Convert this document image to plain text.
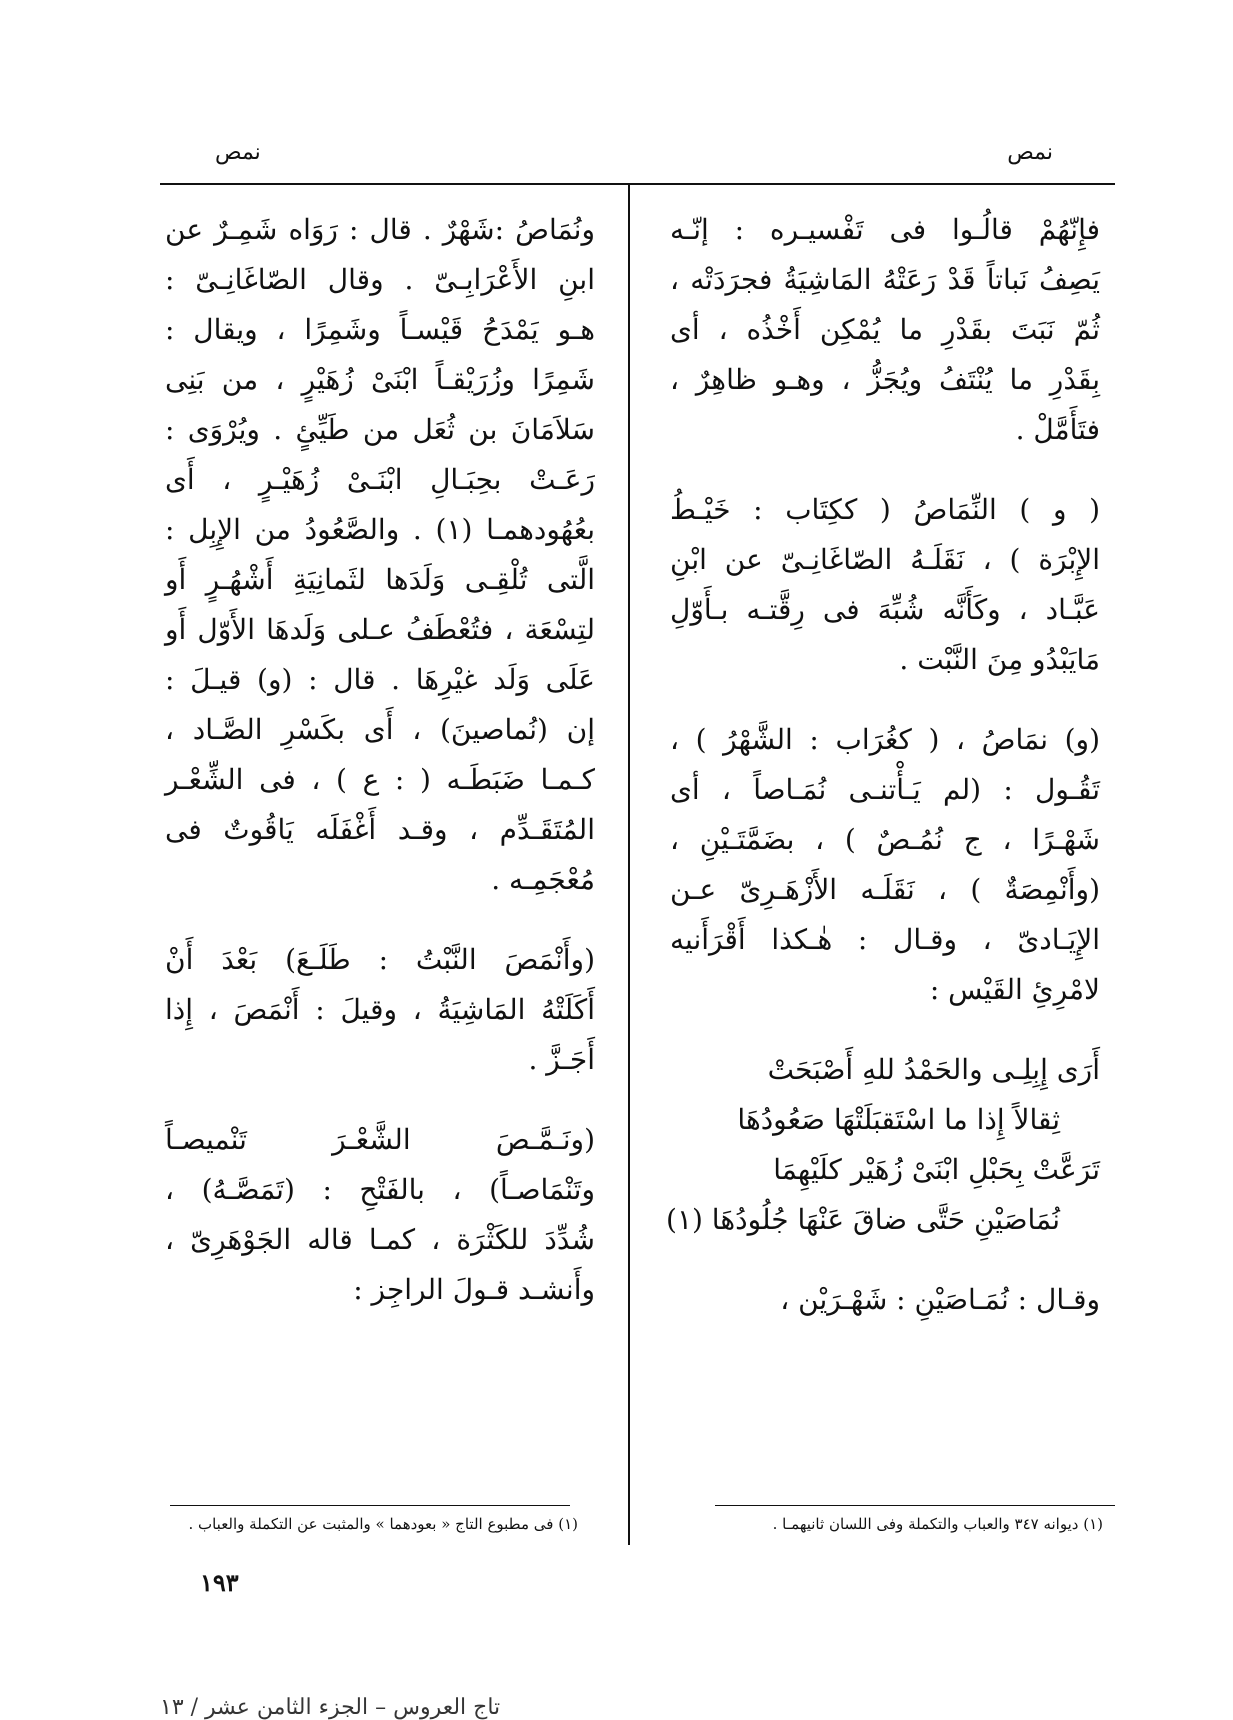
نمص
نمص
فإِنّهُمْ قالُـوا فى تَفْسيـره : إنّـه
يَصِفُ نَباتاً قَدْ رَعَتْهُ المَاشِيَةُ فجرَدَتْه ،
ثُمّ نَبَتَ بقَدْرِ ما يُمْكِن أَخْذُه ، أى
بِقَدْرِ ما يُنْتَفُ ويُجَزُّ ، وهـو ظاهِرٌ ،
فتَأَمَّلْ .
( و ) النِّمَاصُ ( ككِتَاب : خَيْـطُ
الإِبْرَة ) ، نَقَلَـهُ الصّاغَانِـىّ عن ابْنِ
عَبَّـاد ، وكَأَنَّه شُبِّهَ فى رِقَّتـه بـأَوّلِ
مَايَبْدُو مِنَ النَّبْت .
(و) نمَاصُ ، ( كغُرَاب : الشَّهْرُ ) ،
تَقُـول : (لم يَـأْتنـى نُمَـاصاً ، أى
شَهْـرًا ، ج نُمُـصٌ ) ، بضَمَّتَـيْنِ ،
(وأَنْمِصَةٌ ) ، نَقَلَـه الأَزْهَـرِىّ عـن
الإِيَـادىّ ، وقـال : هٰـكذا أَقْرَأَنيه
لامْرِئِ القَيْس :
أَرَى إِبِلِـى والحَمْدُ للهِ أَصْبَحَتْ
ثِقالاً إِذا ما اسْتَقبَلَتْهَا صَعُودُهَا
تَرَعَّتْ بِحَبْلِ ابْنَىْ زُهَيْر كلَيْهِمَا
نُمَاصَيْنِ حَتَّى ضاقَ عَنْهَا جُلُودُهَا (١)
وقـال : نُمَـاصَيْنِ : شَهْـرَيْن ،
ونُمَاصُ :شَهْرٌ . قال : رَوَاه شَمِـرٌ عن
ابنِ الأَعْرَابِـىّ . وقال الصّاغَانِـىّ :
هـو يَمْدَحُ قَيْسـاً وشَمِرًا ، ويقال :
شَمِرًا وزُرَيْقـاً ابْنَىْ زُهَيْرٍ ، من بَنِى
سَلاَمَانَ بن ثُعَل من طَيِّئٍ . ويُرْوَى :
رَعَـتْ بحِبَـالِ ابْنَـىْ زُهَيْـرٍ ، أَى
بعُهُودهمـا (١) . والصَّعُودُ من الإِبِل :
الَّتى تُلْقِـى وَلَدَها لثَمانِيَةِ أَشْهُـرٍ أَو
لتِسْعَة ، فتُعْطَفُ عـلى وَلَدهَا الأَوّل أَو
عَلَى وَلَد غيْرِهَا . قال : (و) قيـلَ :
إن (نُماصينَ) ، أَى بكَسْرِ الصَّـاد ،
كـمـا ضَبَطَـه ( : ع ) ، فى الشِّعْـر
المُتَقَـدِّم ، وقـد أَغْفَلَه يَاقُوتٌ فى
مُعْجَمِـه .
(وأَنْمَصَ النَّبْتُ : طَلَـعَ) بَعْدَ أَنْ
أَكَلَتْهُ المَاشِيَةُ ، وقيلَ : أَنْمَصَ ، إِذا
أَجَـزَّ .
(ونَـمَّـصَ الشَّعْـرَ تَنْميصـاً
وتَنْمَاصـاً) ، بالفَتْحِ : (تَمَصَّـهُ) ،
شُدِّدَ للكَثْرَة ، كمـا قاله الجَوْهَرِىّ ،
وأَنشـد قـولَ الراجِز :
(١) ديوانه ٣٤٧ والعباب والتكملة وفى اللسان ثانيهمـا .
(١) فى مطبوع التاج « بعودهما » والمثبت عن التكملة والعباب .
١٩٣
تاج العروس – الجزء الثامن عشر / ١٣
